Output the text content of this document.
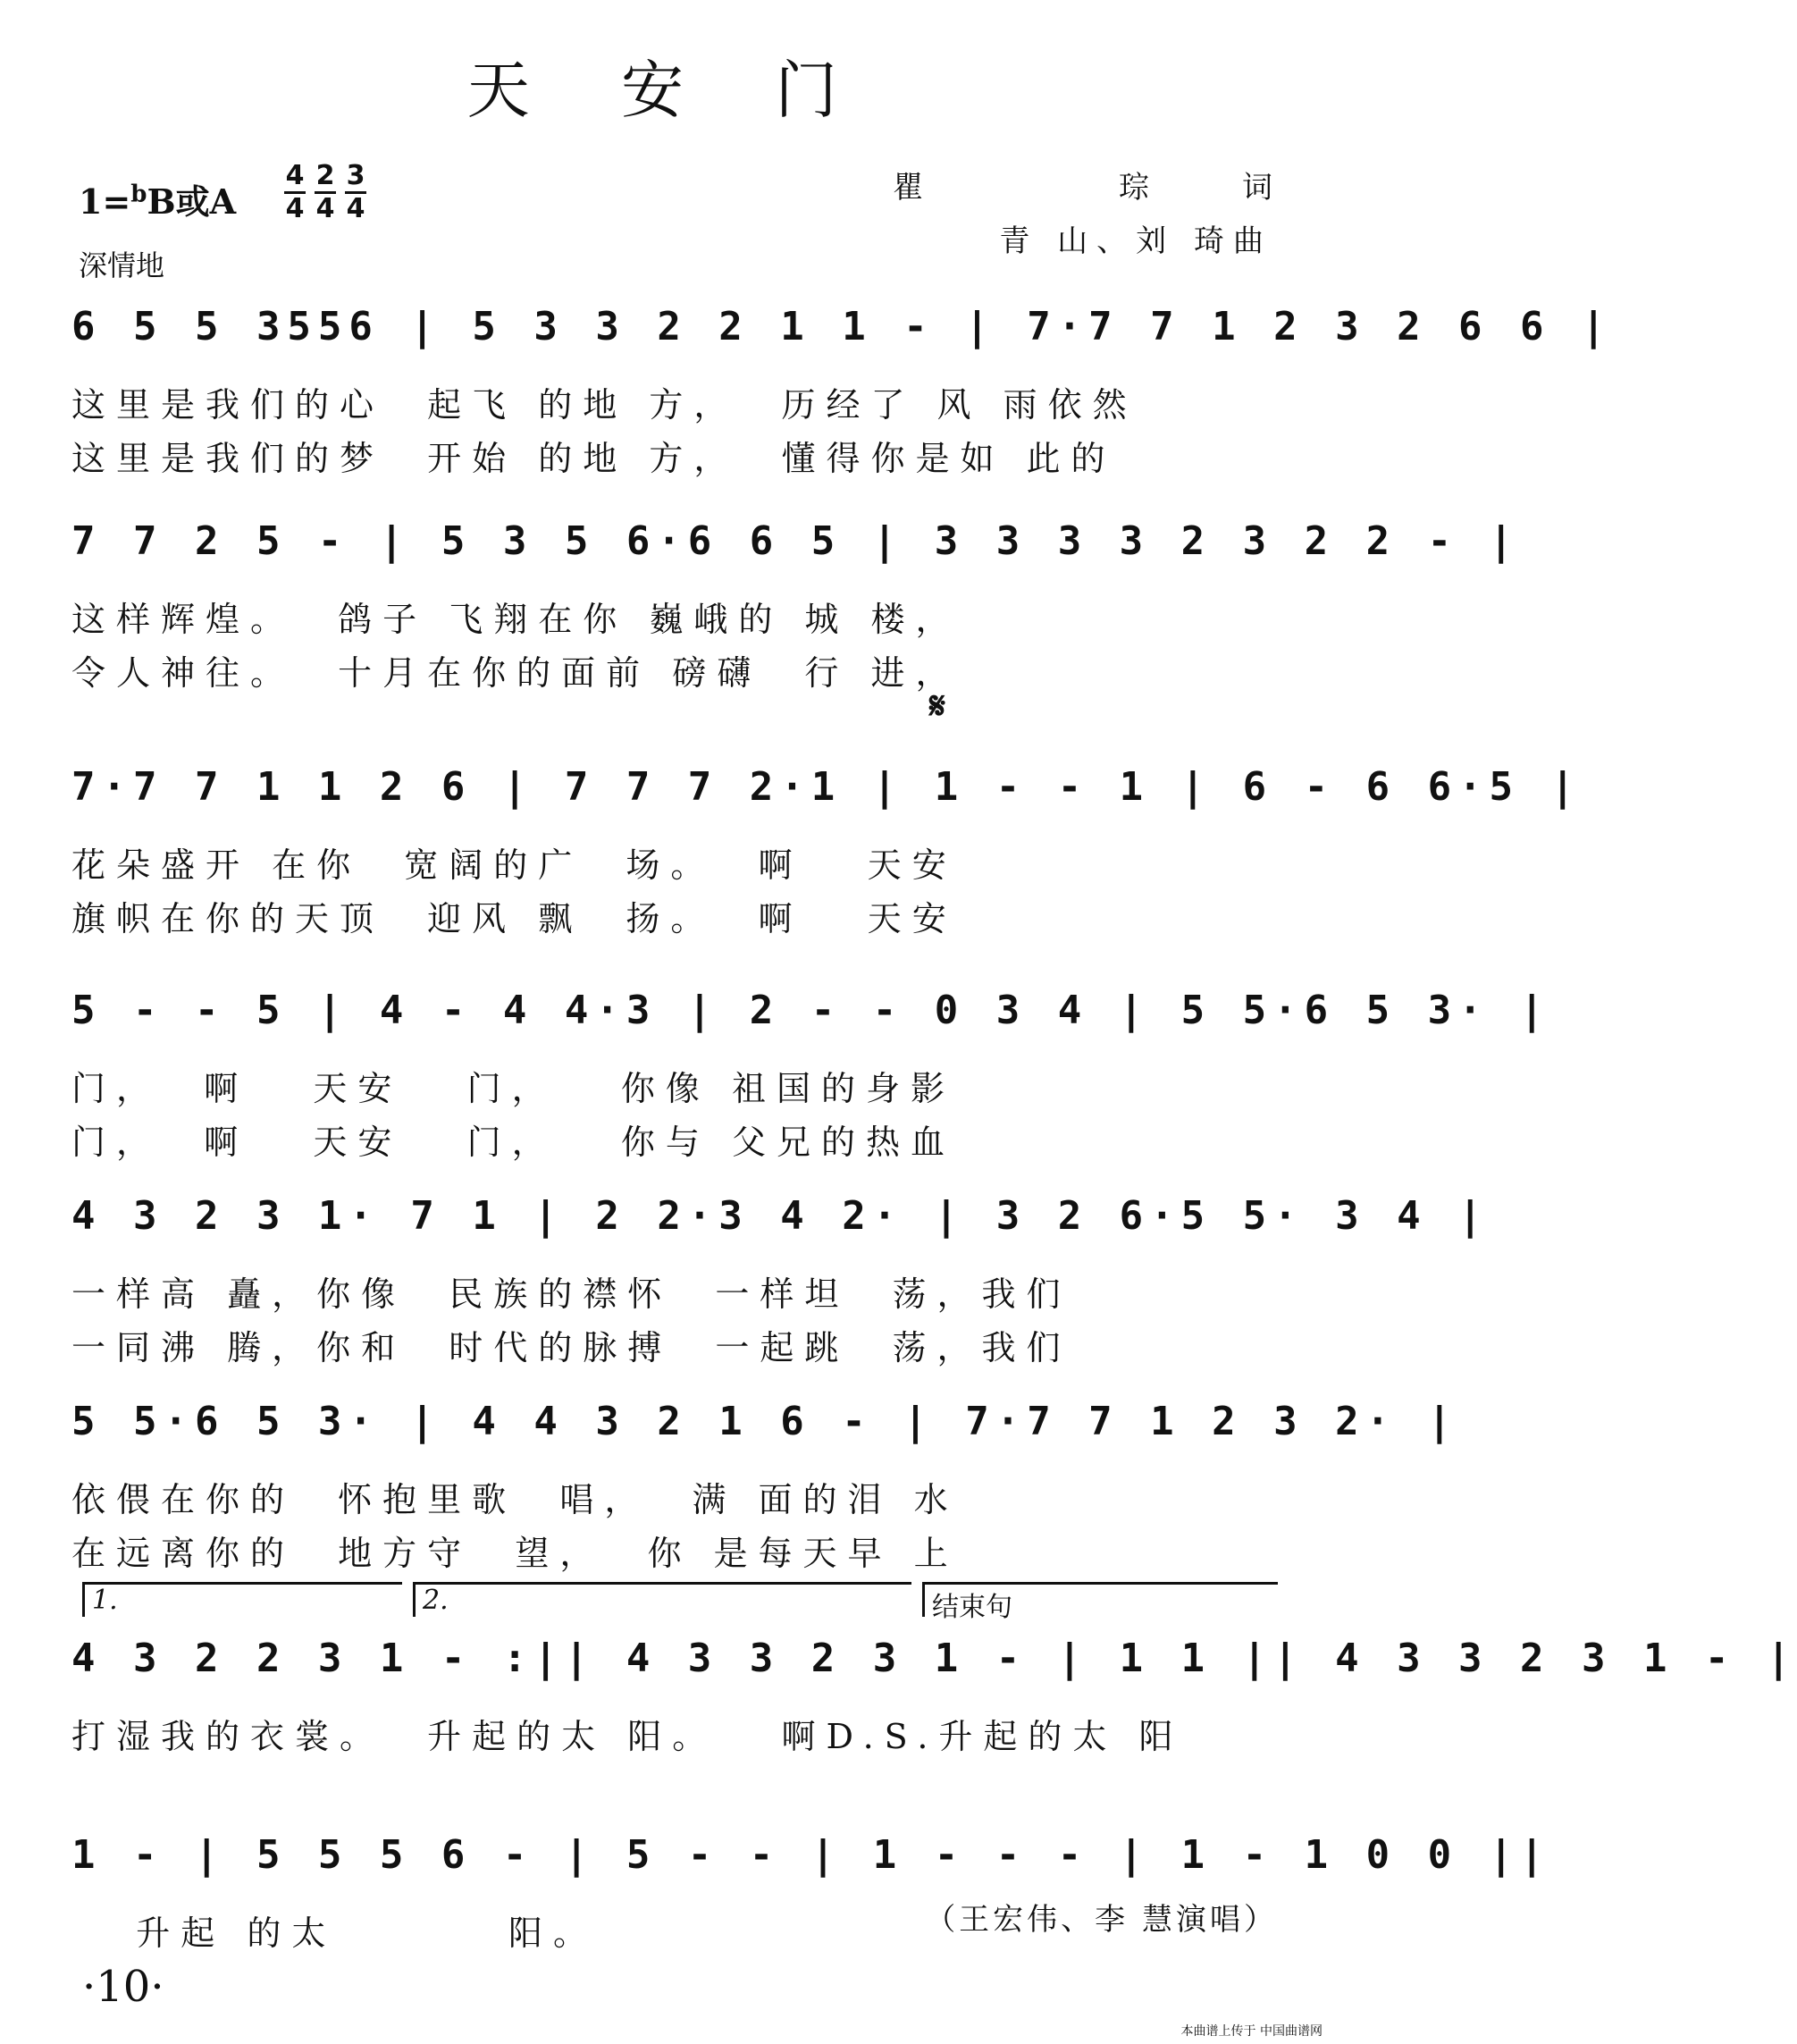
天 安 门
1=$^b$B或A $\frac{4}{4} \frac{2}{4} \frac{3}{4}$
深情地
瞿 琮词
青 山、刘 琦曲
6 5 5 3556 | 5 3 3 2 2 1 1 - | 7·7 7 1 2 3 2 6 6 |
这里是我们的心  起飞 的地 方，  历经了 风 雨依然
这里是我们的梦  开始 的地 方，  懂得你是如 此的
7 7 2 5 - | 5 3 5 6·6 6 5 | 3 3 3 3 2 3 2 2 - |
这样辉煌。  鸽子 飞翔在你 巍峨的 城 楼，
令人神往。  十月在你的面前 磅礴  行 进，
𝄋
7·7 7 1 1 2 6 | 7 7 7 2·1 | 1 - - 1 | 6 - 6 6·5 |
花朵盛开 在你  宽阔的广  场。  啊   天安
旗帜在你的天顶  迎风 飘  扬。  啊   天安
5 - - 5 | 4 - 4 4·3 | 2 - - 0 3 4 | 5 5·6 5 3· |
门，  啊   天安   门，   你像 祖国的身影
门，  啊   天安   门，   你与 父兄的热血
4 3 2 3 1· 7 1 | 2 2·3 4 2· | 3 2 6·5 5· 3 4 |
一样高 矗，你像  民族的襟怀  一样坦  荡，我们
一同沸 腾，你和  时代的脉搏  一起跳  荡，我们
5 5·6 5 3· | 4 4 3 2 1 6 - | 7·7 7 1 2 3 2· |
依偎在你的  怀抱里歌  唱，  满 面的泪 水
在远离你的  地方守  望，  你 是每天早 上
1.	2.	结束句
4 3 2 2 3 1 - :|| 4 3 3 2 3 1 - | 1 1 || 4 3 3 2 3 1 - |
打湿我的衣裳。  升起的太 阳。   啊D.S.升起的太 阳
1 - | 5 5 5 6 - | 5 - - | 1 - - - | 1 - 1 0 0 ||
升起 的太        阳。	（王宏伟、李 慧演唱）
·10·
本曲谱上传于 中国曲谱网
